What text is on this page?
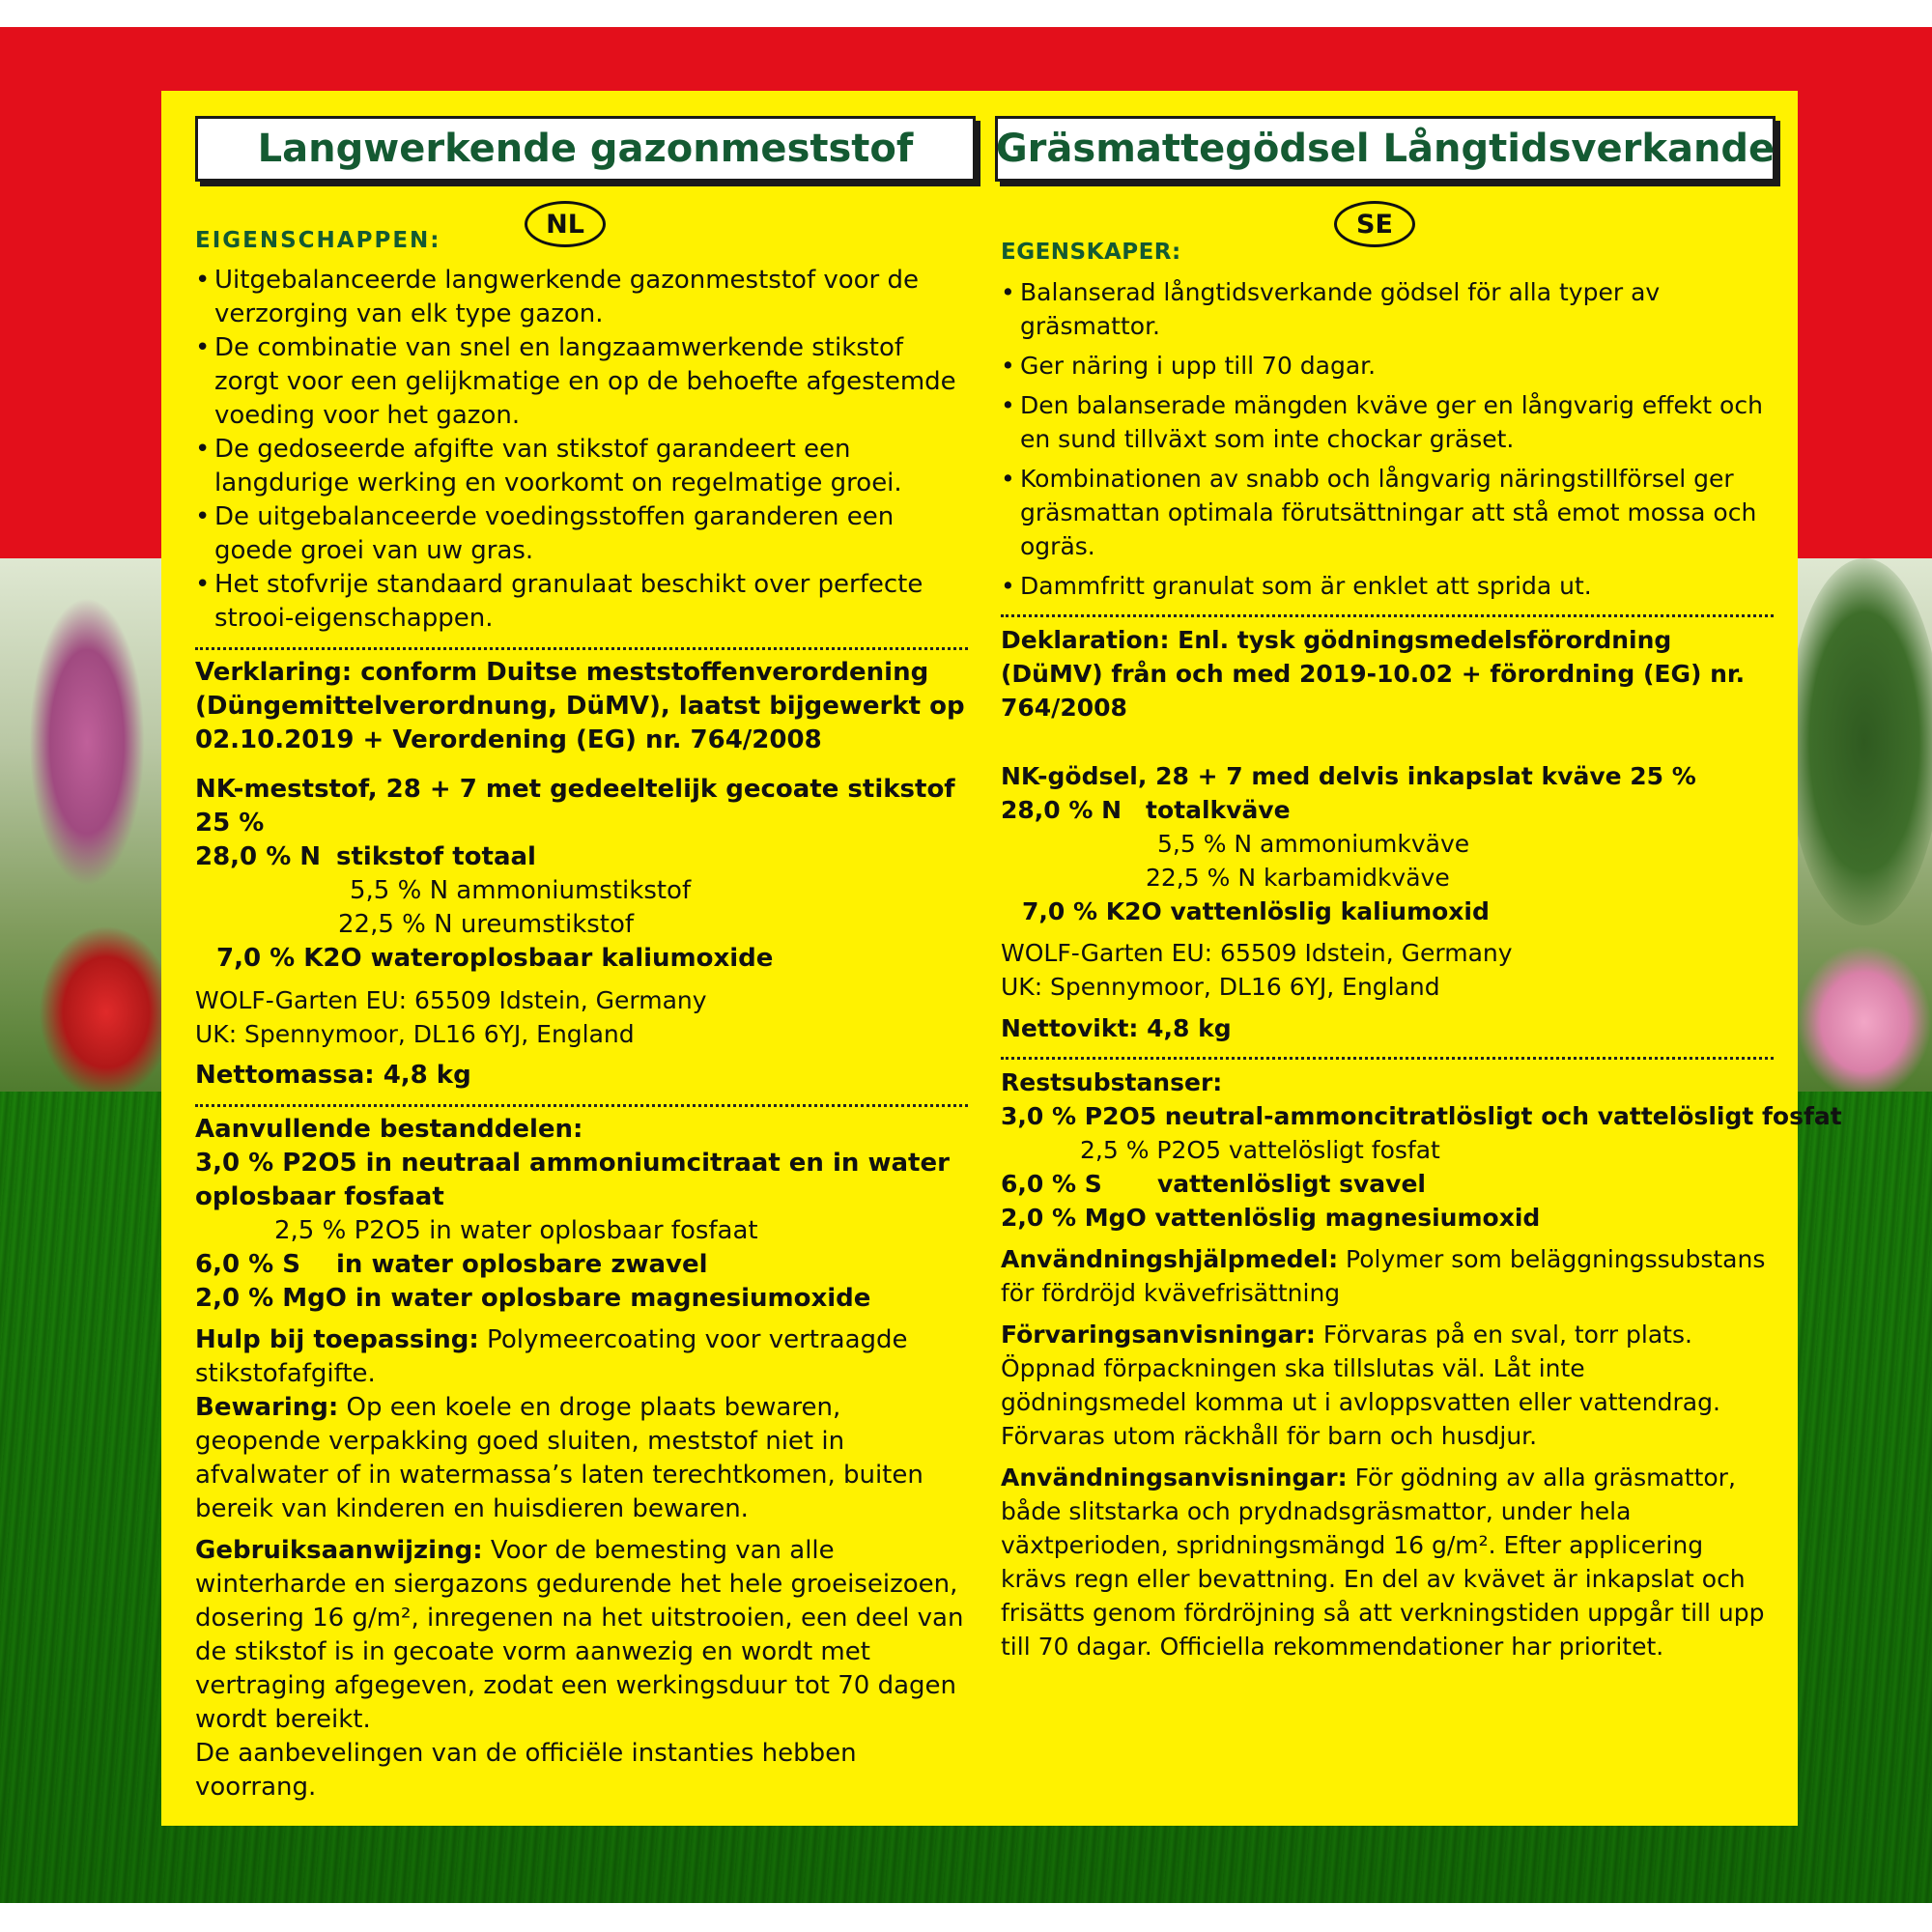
Langwerkende gazonmeststof Gräsmattegödsel Långtidsverkande
NL	SE
EIGENSCHAPPEN:
• Uitgebalanceerde langwerkende gazonmeststof voor de verzorging van elk type gazon.
• De combinatie van snel en langzaamwerkende stikstof zorgt voor een gelijkmatige en op de behoefte afgestemde voeding voor het gazon.
• De gedoseerde afgifte van stikstof garandeert een langdurige werking en voorkomt on regelmatige groei.
• De uitgebalanceerde voedingsstoffen garanderen een goede groei van uw gras.
• Het stofvrije standaard granulaat beschikt over perfecte strooi-eigenschappen.

Verklaring: conform Duitse meststoffenverordening (Düngemittelverordnung, DüMV), laatst bijgewerkt op 02.10.2019 + Verordening (EG) nr. 764/2008

NK-meststof, 28 + 7 met gedeeltelijk gecoate stikstof 25 %

28,0 % N stikstof totaal

5,5 % N ammoniumstikstof

22,5 % N ureumstikstof

7,0 % K2O wateroplosbaar kaliumoxide

WOLF-Garten EU: 65509 Idstein, Germany

UK: Spennymoor, DL16 6YJ, England

Nettomassa: 4,8 kg

Aanvullende bestanddelen:

3,0 % P2O5 in neutraal ammoniumcitraat en in water oplosbaar fosfaat

2,5 % P2O5 in water oplosbaar fosfaat

6,0 % S	in water oplosbare zwavel

2,0 % MgO in water oplosbare magnesiumoxide

Hulp bij toepassing: Polymeercoating voor vertraagde stikstofafgifte.

Bewaring: Op een koele en droge plaats bewaren, geopende verpakking goed sluiten, meststof niet in afvalwater of in watermassa’s laten terechtkomen, buiten bereik van kinderen en huisdieren bewaren.

Gebruiksaanwijzing: Voor de bemesting van alle winterharde en siergazons gedurende het hele groeiseizoen, dosering 16 g/m², inregenen na het uitstrooien, een deel van de stikstof is in gecoate vorm aanwezig en wordt met vertraging afgegeven, zodat een werkingsduur tot 70 dagen wordt bereikt.

De aanbevelingen van de officiële instanties hebben voorrang.

EGENSKAPER:
• Balanserad långtidsverkande gödsel för alla typer av gräsmattor.
• Ger näring i upp till 70 dagar.
• Den balanserade mängden kväve ger en långvarig effekt och en sund tillväxt som inte chockar gräset.
• Kombinationen av snabb och långvarig näringstillförsel ger gräsmattan optimala förutsättningar att stå emot mossa och ogräs.
• Dammfritt granulat som är enklet att sprida ut.

Deklaration: Enl. tysk gödningsmedelsförordning (DüMV) från och med 2019-10.02 + förordning (EG) nr. 764/2008

NK-gödsel, 28 + 7 med delvis inkapslat kväve 25 %

28,0 % N totalkväve

5,5 % N ammoniumkväve

22,5 % N karbamidkväve

7,0 % K2O vattenlöslig kaliumoxid

WOLF-Garten EU: 65509 Idstein, Germany

UK: Spennymoor, DL16 6YJ, England

Nettovikt: 4,8 kg

Restsubstanser:

3,0 % P2O5 neutral-ammoncitratlösligt och vattelösligt fosfat

2,5 % P2O5 vattelösligt fosfat

6,0 % S	vattenlösligt svavel

2,0 % MgO vattenlöslig magnesiumoxid

Användningshjälpmedel: Polymer som beläggningssubstans för fördröjd kvävefrisättning

Förvaringsanvisningar: Förvaras på en sval, torr plats. Öppnad förpackningen ska tillslutas väl. Låt inte gödningsmedel komma ut i avloppsvatten eller vattendrag. Förvaras utom räckhåll för barn och husdjur.

Användningsanvisningar: För gödning av alla gräsmattor, både slitstarka och prydnadsgräsmattor, under hela växtperioden, spridningsmängd 16 g/m². Efter applicering krävs regn eller bevattning. En del av kvävet är inkapslat och frisätts genom fördröjning så att verkningstiden uppgår till upp till 70 dagar. Officiella rekommendationer har prioritet.
